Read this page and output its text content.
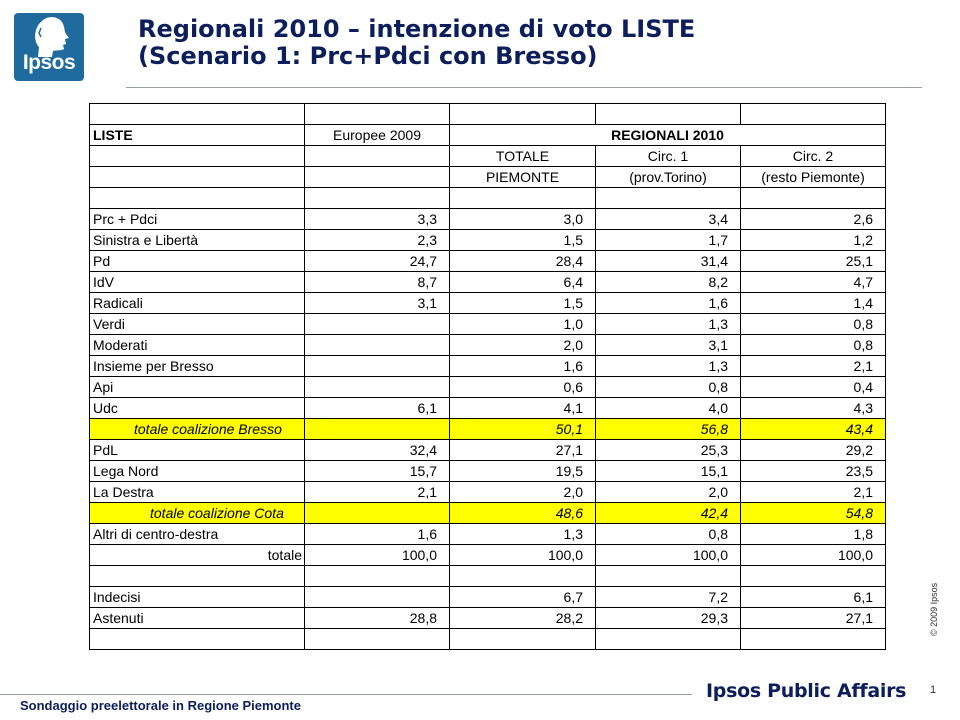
Ipsos
Regionali 2010 – intenzione di voto LISTE
(Scenario 1: Prc+Pdci con Bresso)

LISTE	Europee 2009	REGIONALI 2010		
		TOTALE	Circ. 1	Circ. 2
		PIEMONTE	(prov.Torino)	(resto Piemonte)

Prc + Pdci	3,3	3,0	3,4	2,6
Sinistra e Libertà	2,3	1,5	1,7	1,2
Pd	24,7	28,4	31,4	25,1
IdV	8,7	6,4	8,2	4,7
Radicali	3,1	1,5	1,6	1,4
Verdi		1,0	1,3	0,8
Moderati		2,0	3,1	0,8
Insieme per Bresso		1,6	1,3	2,1
Api		0,6	0,8	0,4
Udc	6,1	4,1	4,0	4,3
totale coalizione Bresso		50,1	56,8	43,4
PdL	32,4	27,1	25,3	29,2
Lega Nord	15,7	19,5	15,1	23,5
La Destra	2,1	2,0	2,0	2,1
totale coalizione Cota		48,6	42,4	54,8
Altri di centro-destra	1,6	1,3	0,8	1,8
totale	100,0	100,0	100,0	100,0

Indecisi		6,7	7,2	6,1
Astenuti	28,8	28,2	29,3	27,1
					© 2009 Ipsos
1
Sondaggio preelettorale in Regione Piemonte
Ipsos Public Affairs
